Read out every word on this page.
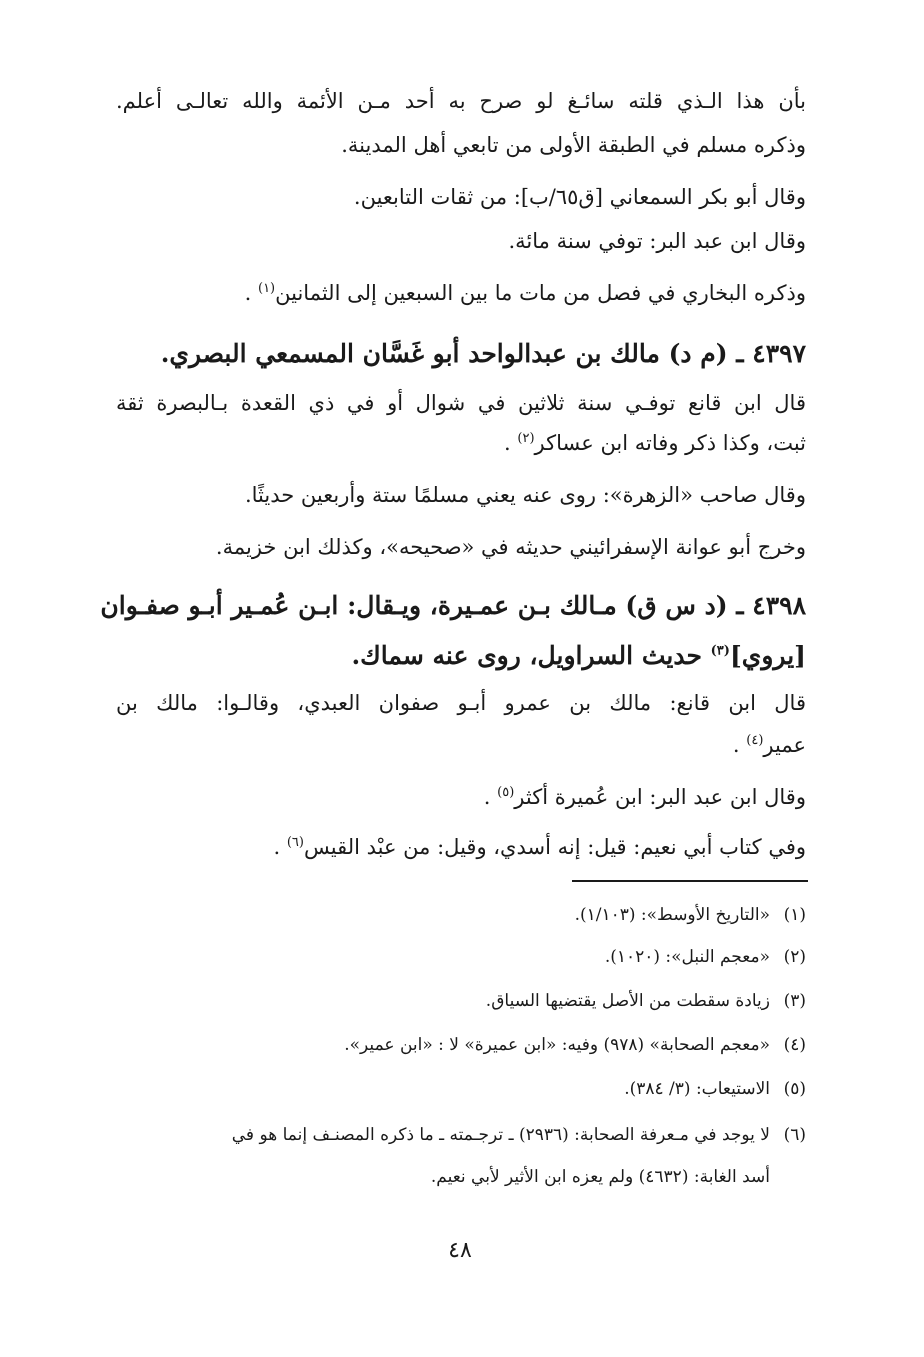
بأن هذا الـذي قلته سائـغ لو صرح به أحد مـن الأئمة والله تعالـى أعلم.
وذكره مسلم في الطبقة الأولى من تابعي أهل المدينة.
وقال أبو بكر السمعاني [ق٦٥/ب]: من ثقات التابعين.
وقال ابن عبد البر: توفي سنة مائة.
وذكره البخاري في فصل من مات ما بين السبعين إلى الثمانين$^{(١)}$ .
٤٣٩٧ ـ (م د) مالك بن عبدالواحد أبو غَسَّان المسمعي البصري.
قال ابن قانع توفـي سنة ثلاثين في شوال أو في ذي القعدة بـالبصرة ثقة
ثبت، وكذا ذكر وفاته ابن عساكر$^{(٢)}$ .
وقال صاحب «الزهرة»: روى عنه يعني مسلمًا ستة وأربعين حديثًا.
وخرج أبو عوانة الإسفرائيني حديثه في «صحيحه»، وكذلك ابن خزيمة.
٤٣٩٨ ـ (د س ق) مـالك بـن عمـيرة، ويـقال: ابـن عُمـير أبـو صفـوان
[يروي]$^{(٣)}$ حديث السراويل، روى عنه سماك.
قال ابن قانع: مالك بن عمرو أبـو صفوان العبدي، وقالـوا: مالك بن
عمير$^{(٤)}$ .
وقال ابن عبد البر: ابن عُميرة أكثر$^{(٥)}$ .
وفي كتاب أبي نعيم: قيل: إنه أسدي، وقيل: من عبْد القيس$^{(٦)}$ .
(١)«التاريخ الأوسط»: (١/١٠٣).
(٢)«معجم النبل»: (١٠٢٠).
(٣)زيادة سقطت من الأصل يقتضيها السياق.
(٤)«معجم الصحابة» (٩٧٨) وفيه: «ابن عميرة» لا : «ابن عمير».
(٥)الاستيعاب: (٣/ ٣٨٤).
(٦)لا يوجد في مـعرفة الصحابة: (٢٩٣٦) ـ ترجـمته ـ ما ذكره المصنـف إنما هو في
أسد الغابة: (٤٦٣٢) ولم يعزه ابن الأثير لأبي نعيم.
٤٨
